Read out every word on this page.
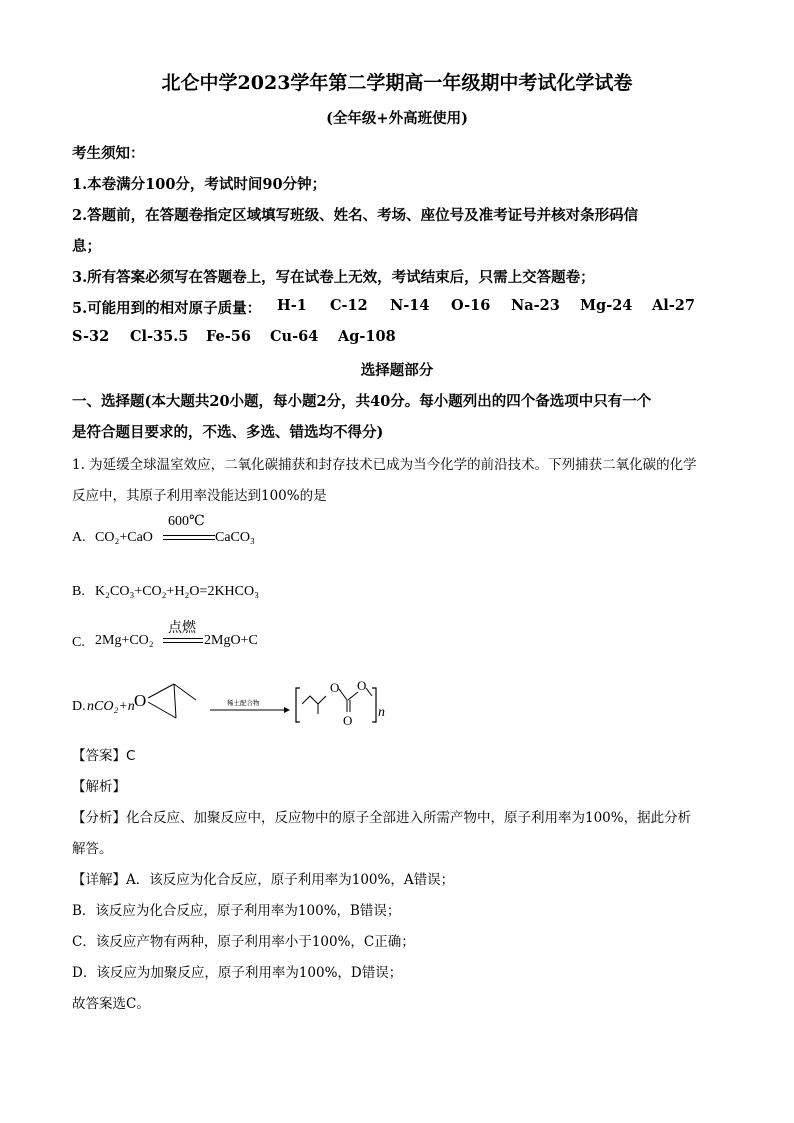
北仑中学2023学年第二学期高一年级期中考试化学试卷
(全年级+外高班使用)
考生须知：
1.本卷满分100分，考试时间90分钟；
2.答题前，在答题卷指定区域填写班级、姓名、考场、座位号及准考证号并核对条形码信
息；
3.所有答案必须写在答题卷上，写在试卷上无效，考试结束后，只需上交答题卷；
5.可能用到的相对原子质量： H-1 C-12 N-14 O-16 Na-23 Mg-24 Al-27
S-32 Cl-35.5 Fe-56 Cu-64 Ag-108
选择题部分
一、选择题(本大题共20小题，每小题2分，共40分。每小题列出的四个备选项中只有一个
是符合题目要求的，不选、多选、错选均不得分)
1. 为延缓全球温室效应，二氧化碳捕获和封存技术已成为当今化学的前沿技术。下列捕获二氧化碳的化学
反应中，其原子利用率没能达到100%的是
A. CO₂+CaO
600℃
CaCO₃
B. K₂CO₃+CO₂+H₂O=2KHCO₃
C. 2Mg+CO₂
点燃
2MgO+C
D. nCO₂+n O	稀土配合物
O
O
O
n
【答案】C
【解析】
【分析】化合反应、加聚反应中，反应物中的原子全部进入所需产物中，原子利用率为100%，据此分析
解答。
【详解】A．该反应为化合反应，原子利用率为100%，A错误；
B．该反应为化合反应，原子利用率为100%，B错误；
C．该反应产物有两种，原子利用率小于100%，C正确；
D．该反应为加聚反应，原子利用率为100%，D错误；
故答案选C。
